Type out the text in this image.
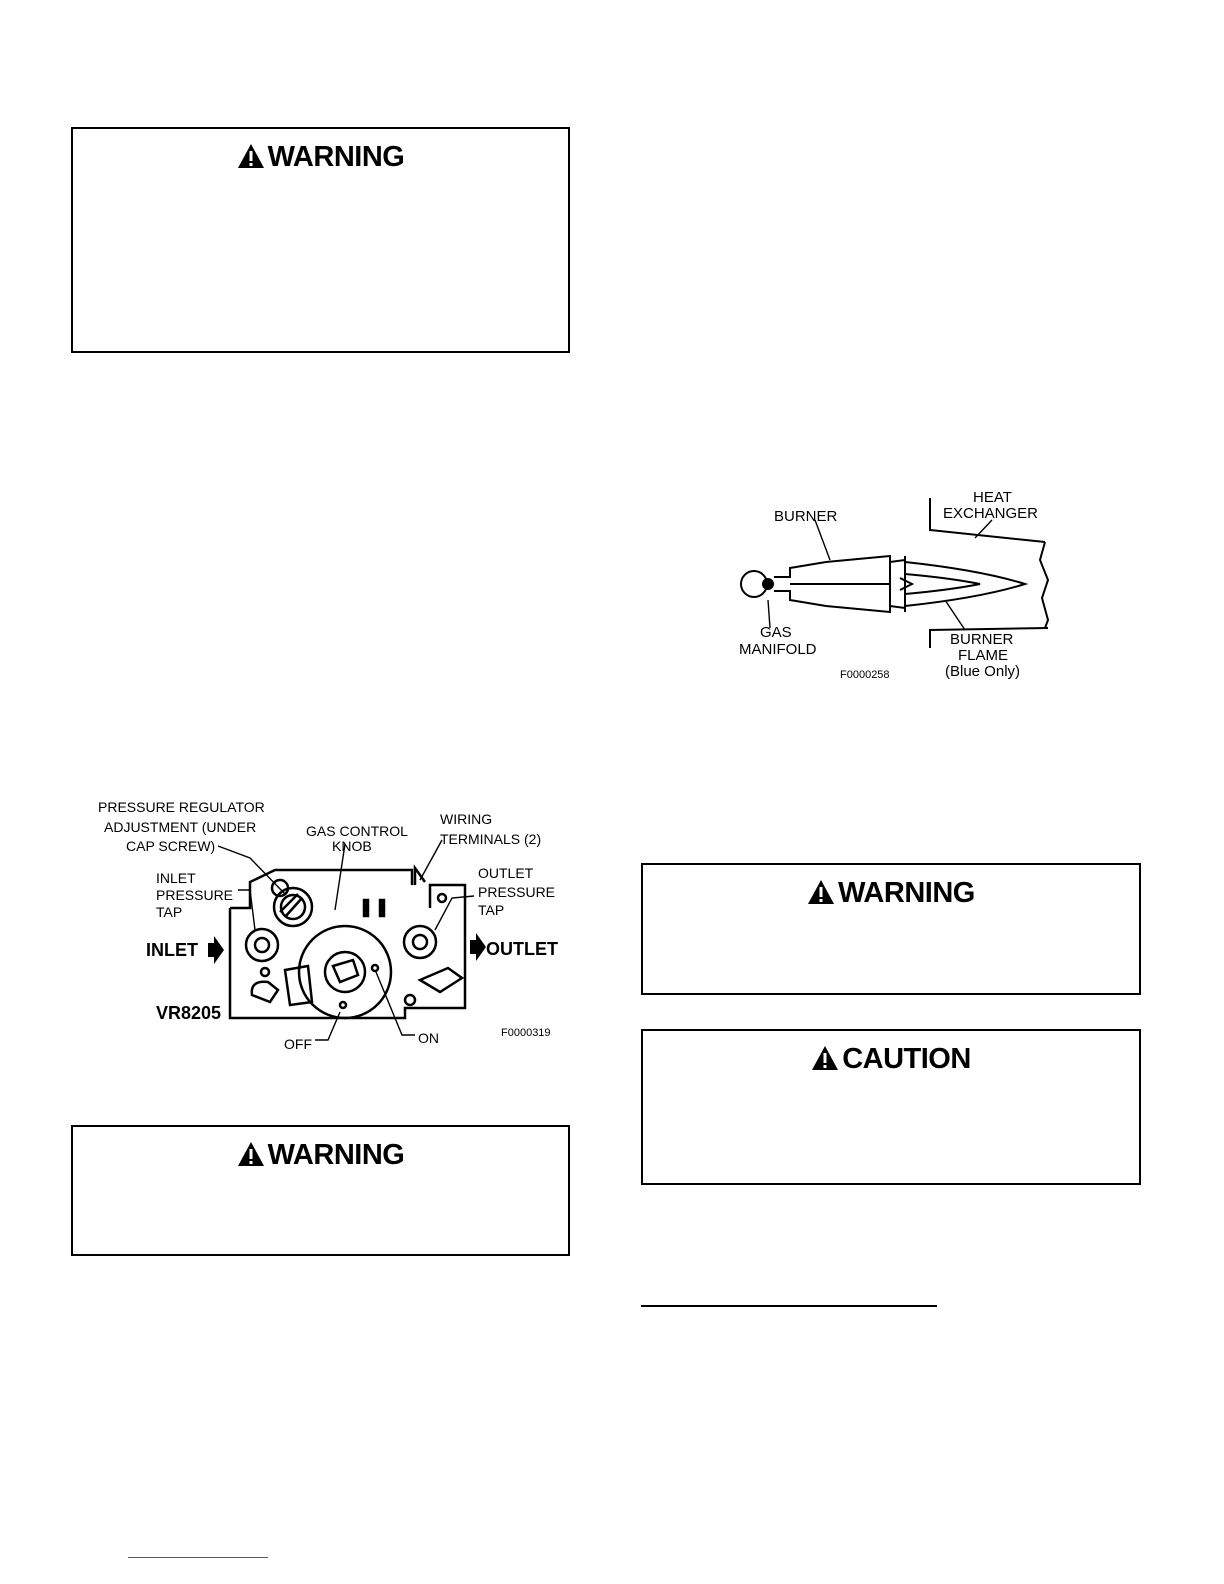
WARNING
PRESSURE REGULATOR
ADJUSTMENT (UNDER
CAP SCREW)
GAS CONTROL
KNOB
WIRING
TERMINALS (2)
INLET
PRESSURE
TAP
OUTLET
PRESSURE
TAP
OFF	ON
INLET	OUTLET
VR8205
F0000319
WARNING
HEAT
EXCHANGER
BURNER
GAS
MANIFOLD
BURNER
FLAME
(Blue Only)
F0000258
WARNING
CAUTION
